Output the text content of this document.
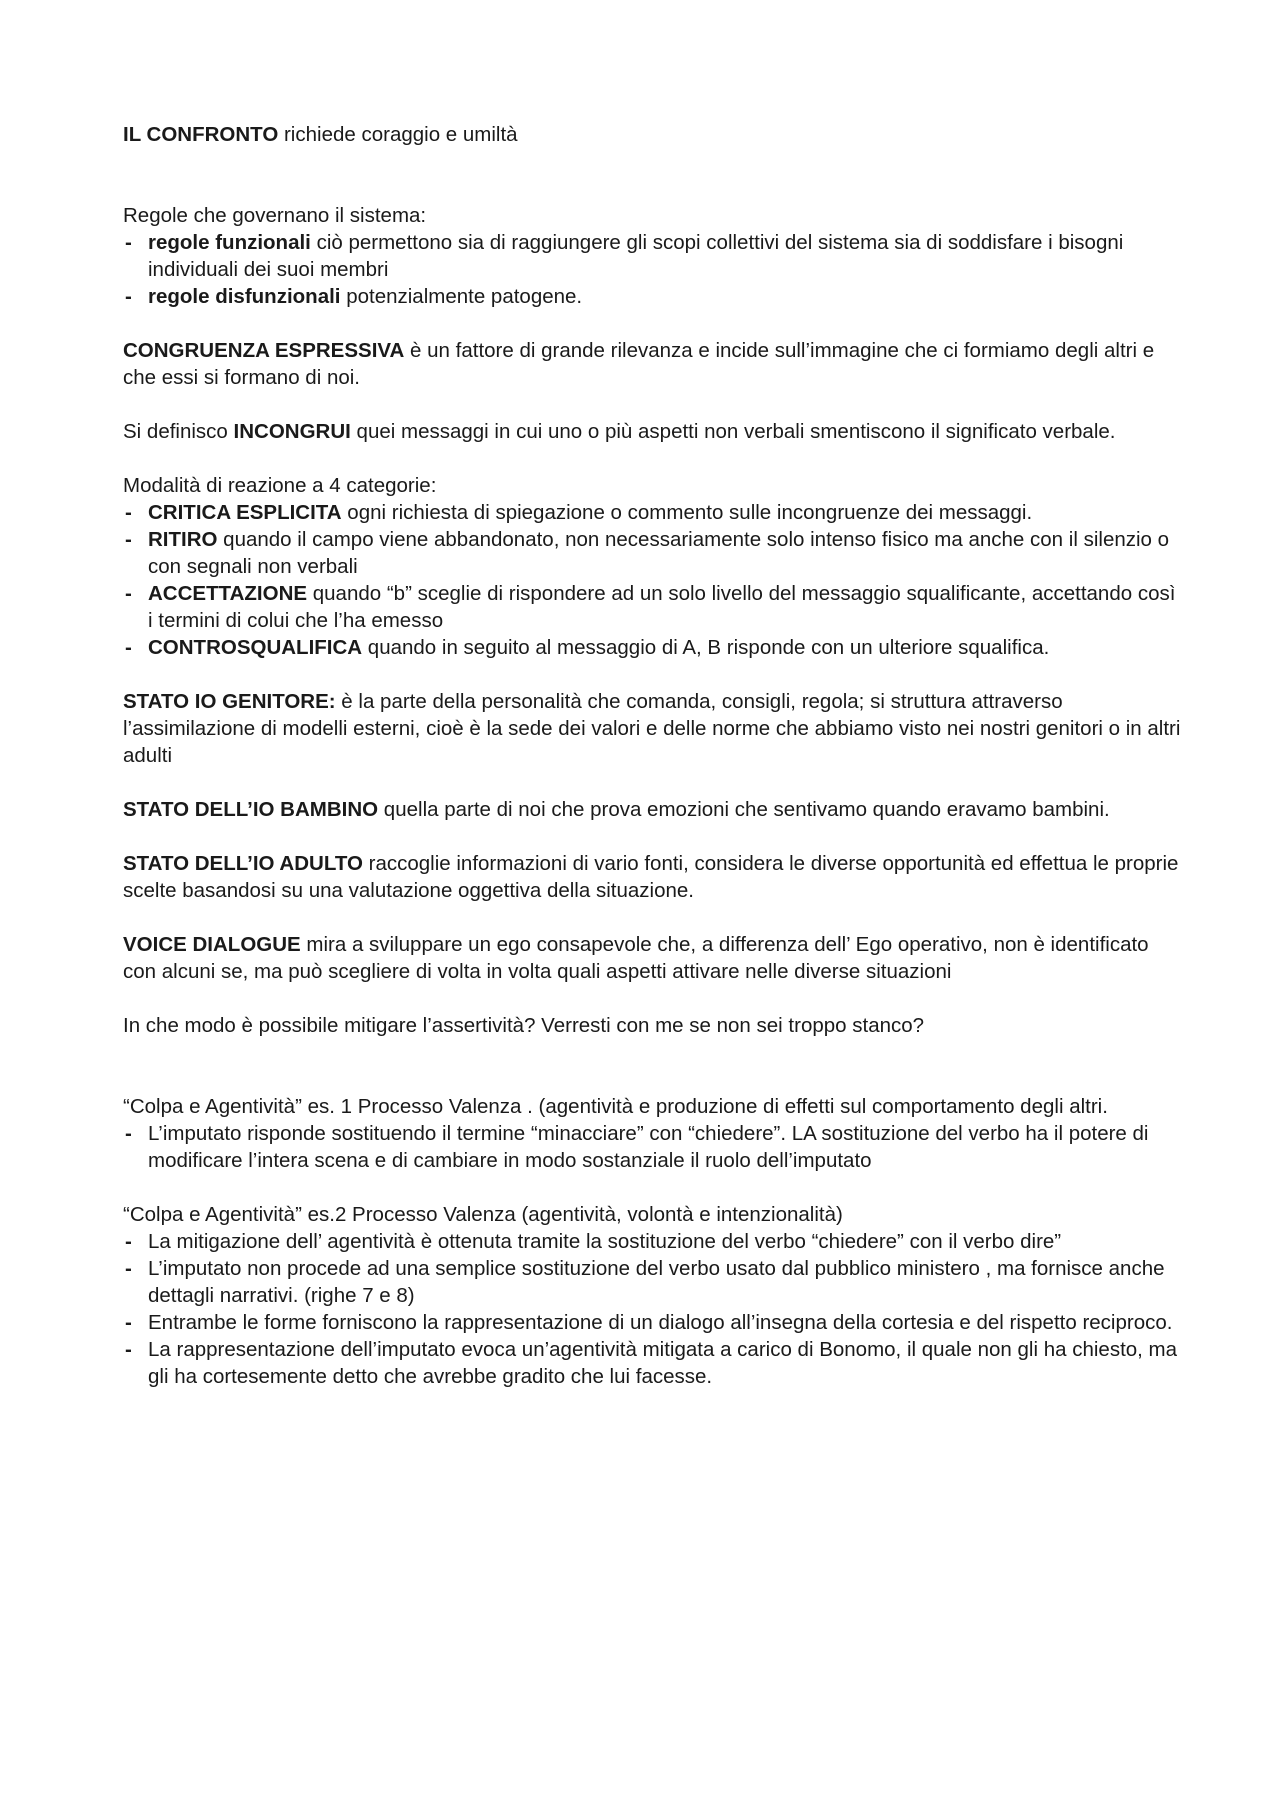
IL CONFRONTO richiede coraggio e umiltà

Regole che governano il sistema:

- regole funzionali ciò permettono sia di raggiungere gli scopi collettivi del sistema sia di soddisfare i bisogni individuali dei suoi membri
- regole disfunzionali potenzialmente patogene.

CONGRUENZA ESPRESSIVA è un fattore di grande rilevanza e incide sull’immagine che ci formiamo degli altri e che essi si formano di noi.

Si definisco INCONGRUI quei messaggi in cui uno o più aspetti non verbali smentiscono il significato verbale.

Modalità di reazione a 4 categorie:

- CRITICA ESPLICITA ogni richiesta di spiegazione o commento sulle incongruenze dei messaggi.
- RITIRO quando il campo viene abbandonato, non necessariamente solo intenso fisico ma anche con il silenzio o con segnali non verbali
- ACCETTAZIONE quando “b” sceglie di rispondere ad un solo livello del messaggio squalificante, accettando così i termini di colui che l’ha emesso
- CONTROSQUALIFICA quando in seguito al messaggio di A, B risponde con un ulteriore squalifica.

STATO IO GENITORE: è la parte della personalità che comanda, consigli, regola; si struttura attraverso l’assimilazione di modelli esterni, cioè è la sede dei valori e delle norme che abbiamo visto nei nostri genitori o in altri adulti

STATO DELL’IO BAMBINO quella parte di noi che prova emozioni che sentivamo quando eravamo bambini.

STATO DELL’IO ADULTO raccoglie informazioni di vario fonti, considera le diverse opportunità ed effettua le proprie scelte basandosi su una valutazione oggettiva della situazione.

VOICE DIALOGUE mira a sviluppare un ego consapevole che, a differenza dell’ Ego operativo, non è identificato con alcuni se, ma può scegliere di volta in volta quali aspetti attivare nelle diverse situazioni

In che modo è possibile mitigare l’assertività? Verresti con me se non sei troppo stanco?

“Colpa e Agentività” es. 1 Processo Valenza . (agentività e produzione di effetti sul comportamento degli altri.

- L’imputato risponde sostituendo il termine “minacciare” con “chiedere”. LA sostituzione del verbo ha il potere di modificare l’intera scena e di cambiare in modo sostanziale il ruolo dell’imputato

“Colpa e Agentività” es.2 Processo Valenza (agentività, volontà e intenzionalità)

- La mitigazione dell’ agentività è ottenuta tramite la sostituzione del verbo “chiedere” con il verbo dire”
- L’imputato non procede ad una semplice sostituzione del verbo usato dal pubblico ministero , ma fornisce anche dettagli narrativi. (righe 7 e 8)
- Entrambe le forme forniscono la rappresentazione di un dialogo all’insegna della cortesia e del rispetto reciproco.
- La rappresentazione dell’imputato evoca un’agentività mitigata a carico di Bonomo, il quale non gli ha chiesto, ma gli ha cortesemente detto che avrebbe gradito che lui facesse.
